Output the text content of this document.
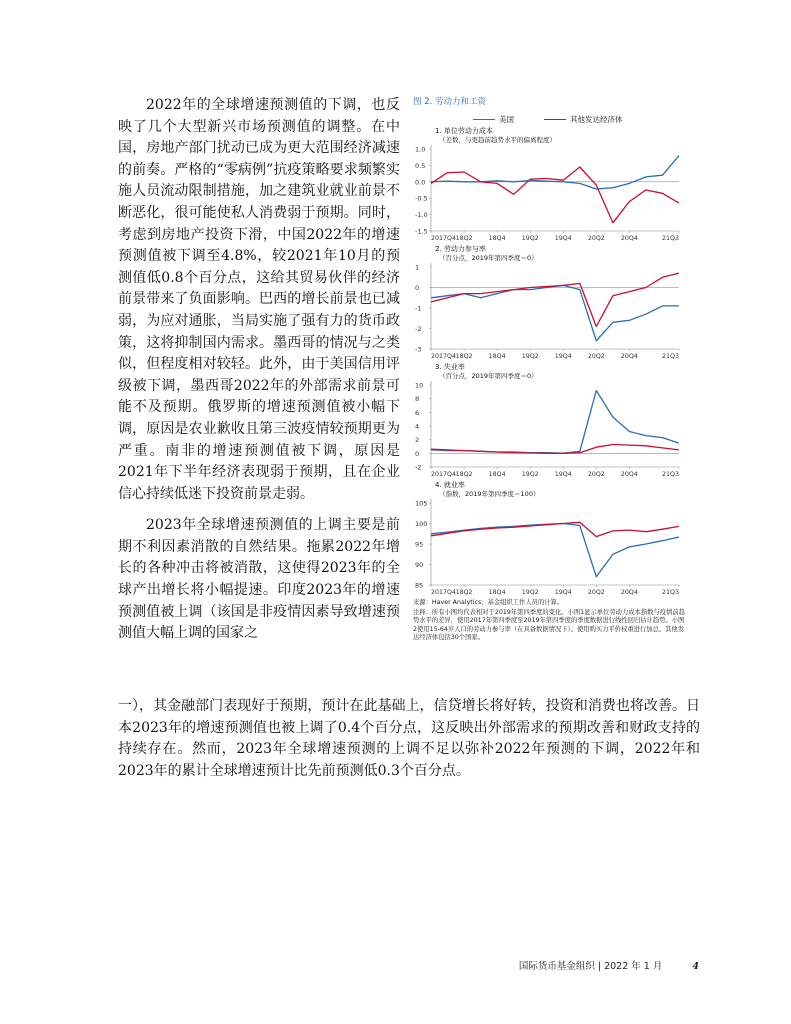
2022年的全球增速预测值的下调，也反映了几个大型新兴市场预测值的调整。在中国，房地产部门扰动已成为更大范围经济减速的前奏。严格的“零病例”抗疫策略要求频繁实施人员流动限制措施，加之建筑业就业前景不断恶化，很可能使私人消费弱于预期。同时，考虑到房地产投资下滑，中国2022年的增速预测值被下调至4.8%，较2021年10月的预测值低0.8个百分点，这给其贸易伙伴的经济前景带来了负面影响。巴西的增长前景也已减弱，为应对通胀，当局实施了强有力的货币政策，这将抑制国内需求。墨西哥的情况与之类似，但程度相对较轻。此外，由于美国信用评级被下调，墨西哥2022年的外部需求前景可能不及预期。俄罗斯的增速预测值被小幅下调，原因是农业歉收且第三波疫情较预期更为严重。南非的增速预测值被下调，原因是2021年下半年经济表现弱于预期，且在企业信心持续低迷下投资前景走弱。

2023年全球增速预测值的上调主要是前期不利因素消散的自然结果。拖累2022年增长的各种冲击将被消散，这使得2023年的全球产出增长将小幅提速。印度2023年的增速预测值被上调（该国是非疫情因素导致增速预测值大幅上调的国家之

一），其金融部门表现好于预期，预计在此基础上，信贷增长将好转，投资和消费也将改善。日本2023年的增速预测值也被上调了0.4个百分点，这反映出外部需求的预期改善和财政支持的持续存在。然而，2023年全球增速预测的上调不足以弥补2022年预测的下调，2022年和2023年的累计全球增速预计比先前预测低0.3个百分点。

图 2. 劳动力和工资
美国	其他发达经济体
1.0
0.5
0.0
-0.5
-1.0
-1.5
2017Q4 18Q2	18Q4	19Q2	19Q4	20Q2	20Q4	21Q3
1. 单位劳动力成本
（差数，与更趋前趋势水平的偏离程度）
1
0
-1
-2
-3
2017Q4 18Q2	18Q4	19Q2	19Q4	20Q2	20Q4	21Q3
2. 劳动力参与率
（百分点，2019年第四季度＝0）
10
8
6
4
2
0
-2
2017Q4 18Q2	18Q4	19Q2	19Q4	20Q2	20Q4	21Q3
3. 失业率
（百分点，2019年第四季度＝0）
105
100
95
90
85
2017Q4 18Q2	18Q4	19Q2	19Q4	20Q2	20Q4	21Q3
4. 就业率
（指数，2019年第四季度＝100）
来源：Haver Analytics；基金组织工作人员的计算。
注释：所有小图均代表相对于2019年第四季度的变化。小图1显示单位劳动力成本指数与疫情前趋势水平的差异，使用2017年第四季度至2019年第四季度的季度数据进行线性回归估计趋势。小图2使用15-64岁人口的劳动力参与率（在具备数据情况下）。使用购买力平价权重进行加总。其他发达经济体包括30个国家。
国际货币基金组织 | 2022 年 1 月	4
